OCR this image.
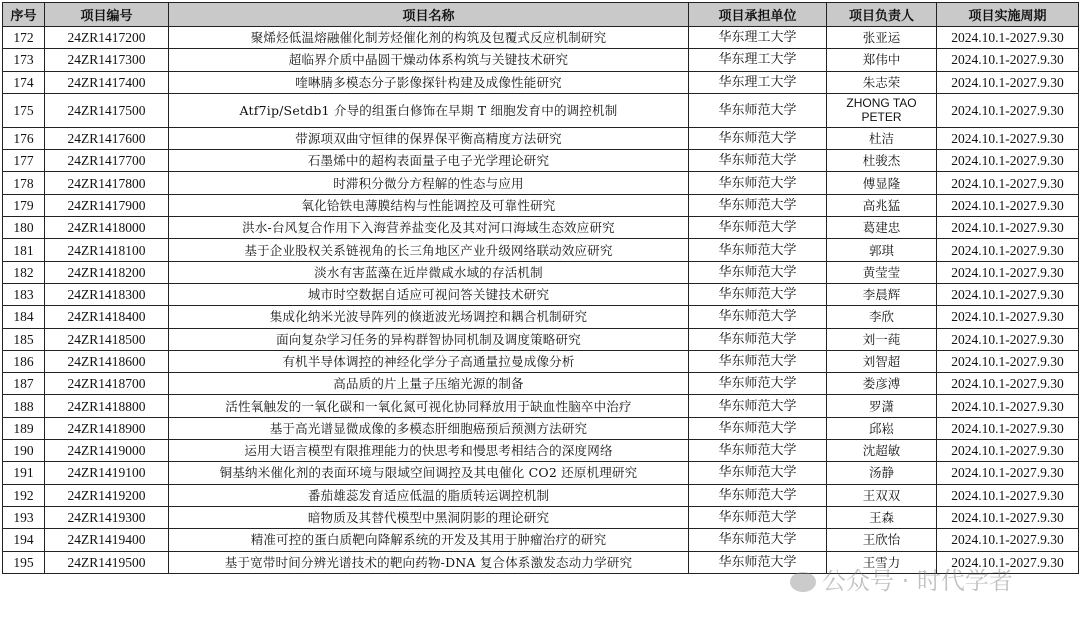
序号	项目编号	项目名称	项目承担单位	项目负责人	项目实施周期
172	24ZR1417200	聚烯烃低温熔融催化制芳烃催化剂的构筑及包覆式反应机制研究	华东理工大学	张亚运	2024.10.1-2027.9.30
173	24ZR1417300	超临界介质中晶圆干燥动体系构筑与关键技术研究	华东理工大学	郑伟中	2024.10.1-2027.9.30
174	24ZR1417400	喹啉腈多模态分子影像探针构建及成像性能研究	华东理工大学	朱志荣	2024.10.1-2027.9.30
175	24ZR1417500	Atf7ip/Setdb1 介导的组蛋白修饰在早期 T 细胞发育中的调控机制	华东师范大学	ZHONG TAO PETER	2024.10.1-2027.9.30
176	24ZR1417600	带源项双曲守恒律的保界保平衡高精度方法研究	华东师范大学	杜洁	2024.10.1-2027.9.30
177	24ZR1417700	石墨烯中的超构表面量子电子光学理论研究	华东师范大学	杜骏杰	2024.10.1-2027.9.30
178	24ZR1417800	时滞积分微分方程解的性态与应用	华东师范大学	傅显隆	2024.10.1-2027.9.30
179	24ZR1417900	氧化铪铁电薄膜结构与性能调控及可靠性研究	华东师范大学	高兆猛	2024.10.1-2027.9.30
180	24ZR1418000	洪水-台风复合作用下入海营养盐变化及其对河口海域生态效应研究	华东师范大学	葛建忠	2024.10.1-2027.9.30
181	24ZR1418100	基于企业股权关系链视角的长三角地区产业升级网络联动效应研究	华东师范大学	郭琪	2024.10.1-2027.9.30
182	24ZR1418200	淡水有害蓝藻在近岸微咸水域的存活机制	华东师范大学	黄莹莹	2024.10.1-2027.9.30
183	24ZR1418300	城市时空数据自适应可视问答关键技术研究	华东师范大学	李晨辉	2024.10.1-2027.9.30
184	24ZR1418400	集成化纳米光波导阵列的倏逝波光场调控和耦合机制研究	华东师范大学	李欣	2024.10.1-2027.9.30
185	24ZR1418500	面向复杂学习任务的异构群智协同机制及调度策略研究	华东师范大学	刘一莼	2024.10.1-2027.9.30
186	24ZR1418600	有机半导体调控的神经化学分子高通量拉曼成像分析	华东师范大学	刘智超	2024.10.1-2027.9.30
187	24ZR1418700	高品质的片上量子压缩光源的制备	华东师范大学	娄彦溥	2024.10.1-2027.9.30
188	24ZR1418800	活性氧触发的一氧化碳和一氧化氮可视化协同释放用于缺血性脑卒中治疗	华东师范大学	罗潇	2024.10.1-2027.9.30
189	24ZR1418900	基于高光谱显微成像的多模态肝细胞癌预后预测方法研究	华东师范大学	邱崧	2024.10.1-2027.9.30
190	24ZR1419000	运用大语言模型有限推理能力的快思考和慢思考相结合的深度网络	华东师范大学	沈超敏	2024.10.1-2027.9.30
191	24ZR1419100	铜基纳米催化剂的表面环境与限域空间调控及其电催化 CO2 还原机理研究	华东师范大学	汤静	2024.10.1-2027.9.30
192	24ZR1419200	番茄雄蕊发育适应低温的脂质转运调控机制	华东师范大学	王双双	2024.10.1-2027.9.30
193	24ZR1419300	暗物质及其替代模型中黑洞阴影的理论研究	华东师范大学	王森	2024.10.1-2027.9.30
194	24ZR1419400	精准可控的蛋白质靶向降解系统的开发及其用于肿瘤治疗的研究	华东师范大学	王欣怡	2024.10.1-2027.9.30
195	24ZR1419500	基于宽带时间分辨光谱技术的靶向药物-DNA 复合体系激发态动力学研究	华东师范大学	王雪力	2024.10.1-2027.9.30
公众号 · 时代学者
